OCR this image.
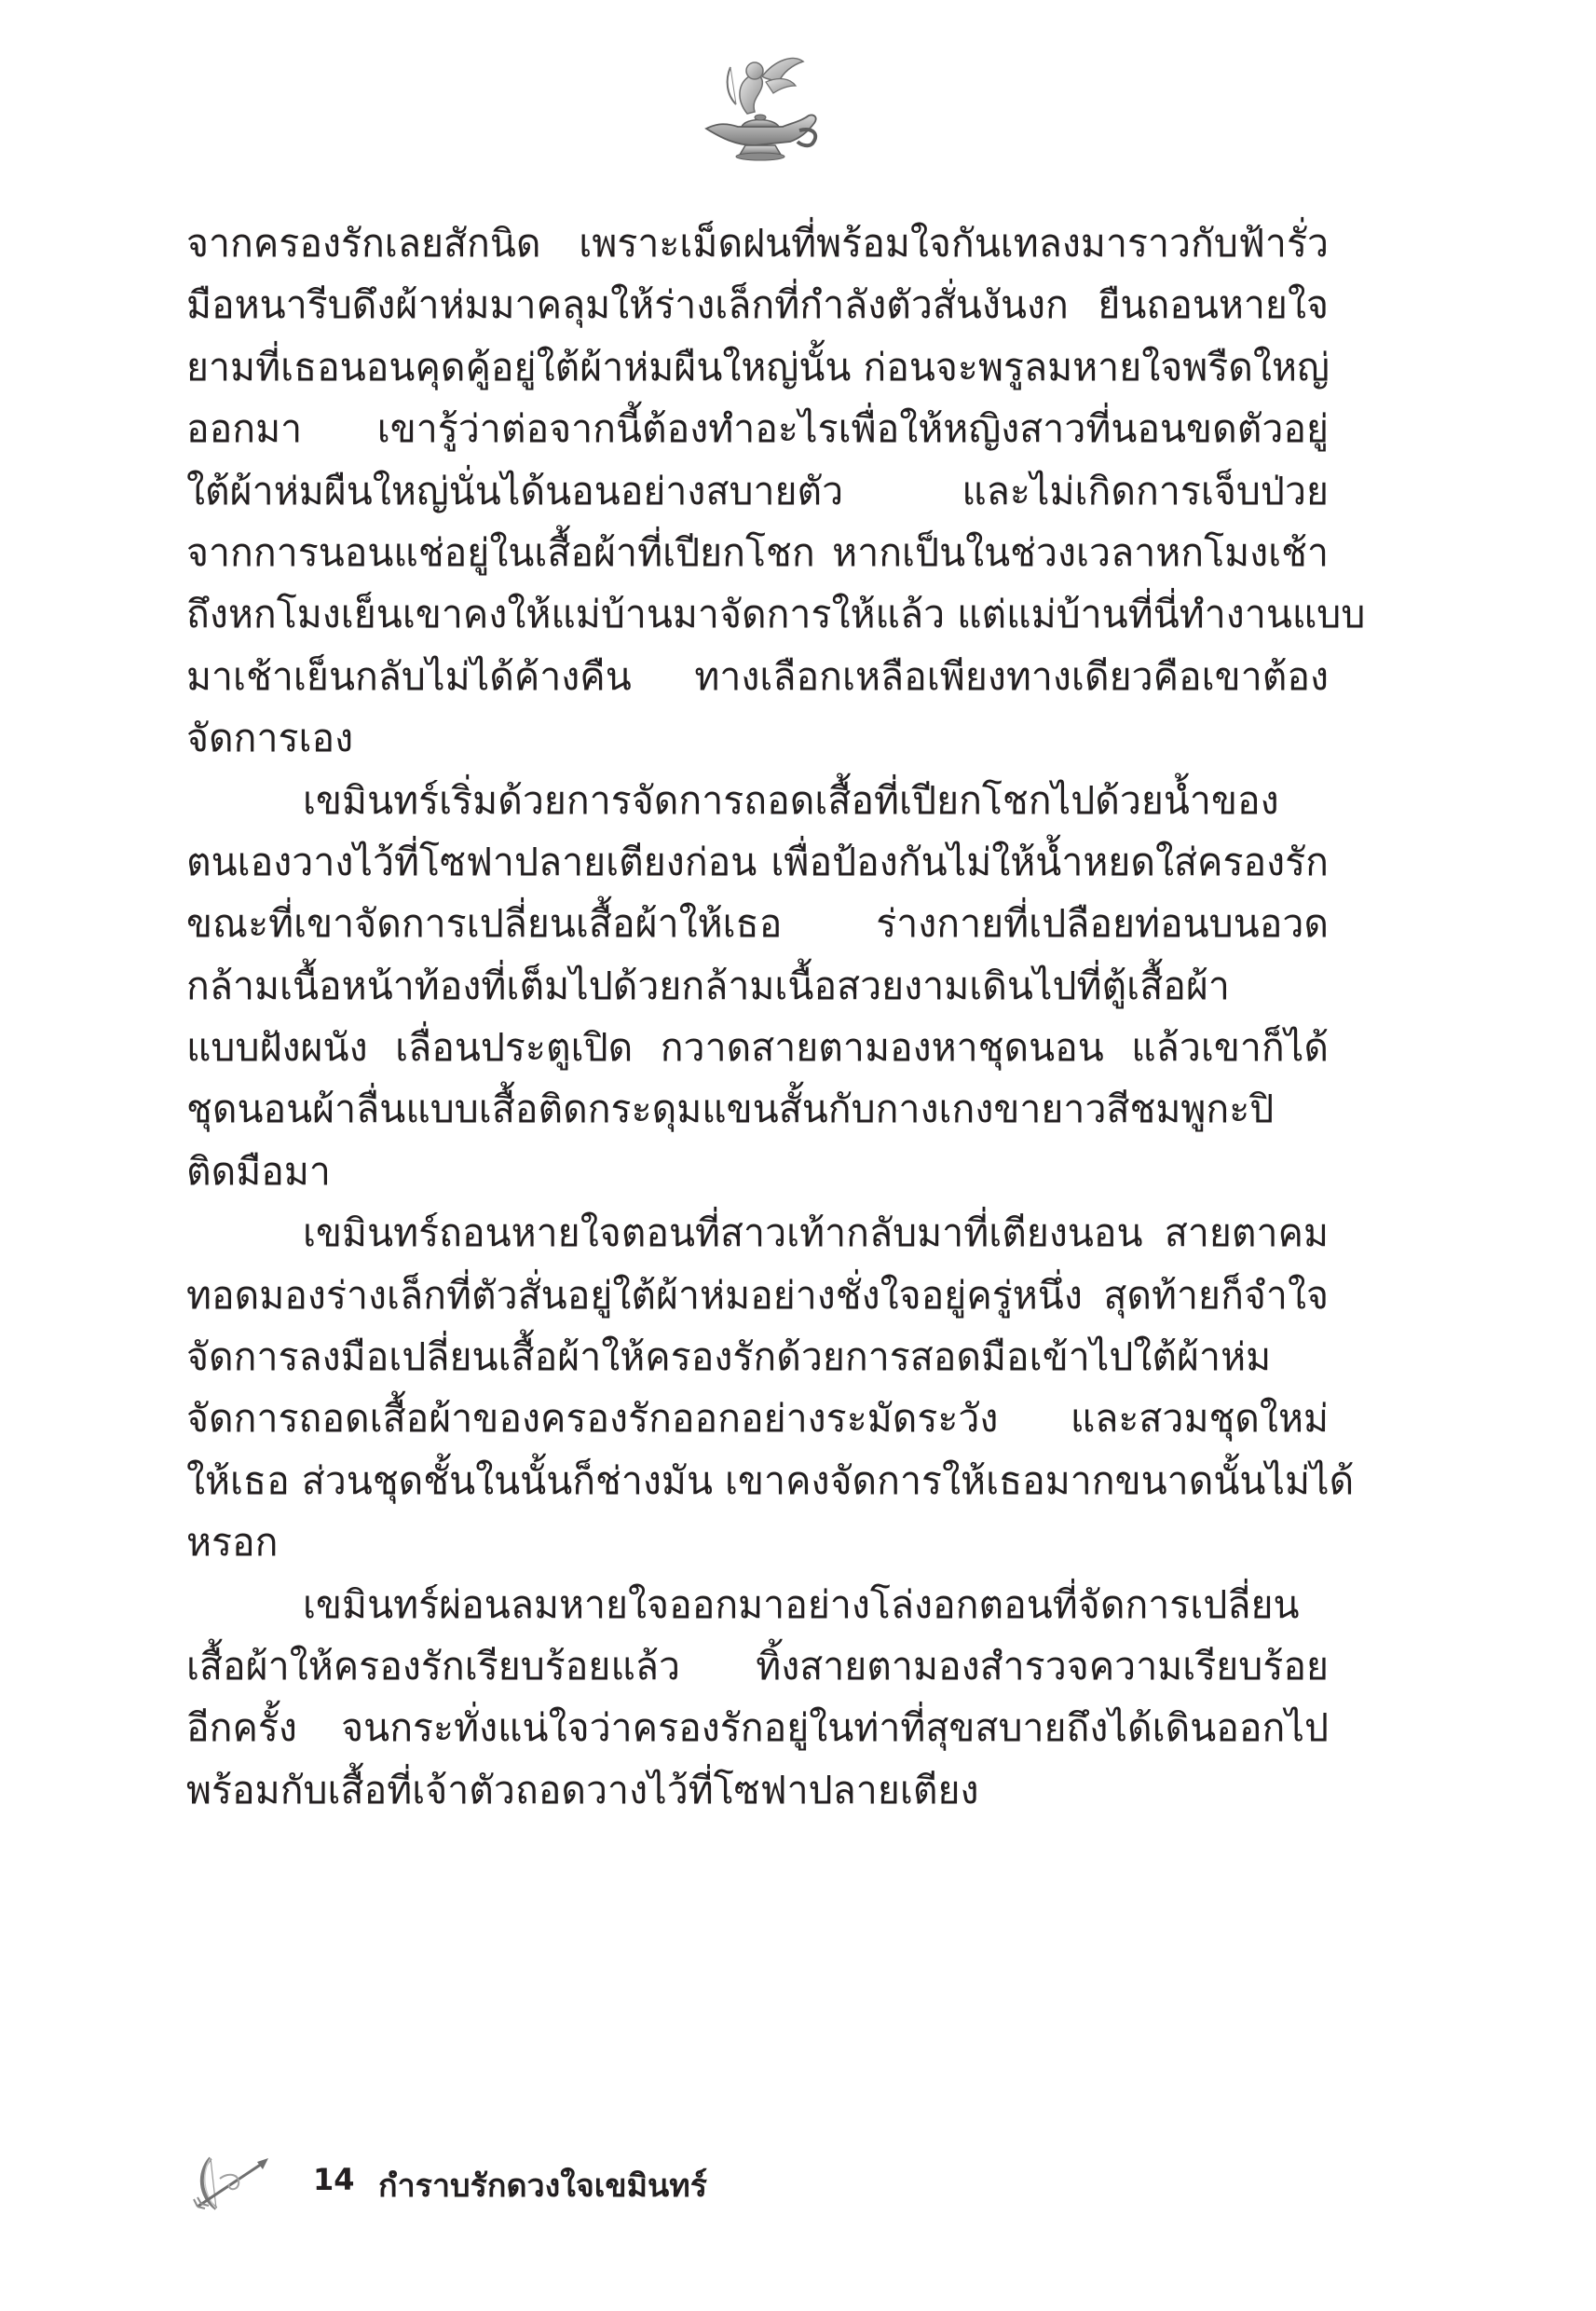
จากครองรักเลยสักนิด เพราะเม็ดฝนที่พร้อมใจกันเทลงมาราวกับฟ้ารั่ว
มือหนารีบดึงผ้าห่มมาคลุมให้ร่างเล็กที่กำลังตัวสั่นงันงก ยืนถอนหายใจ
ยามที่เธอนอนคุดคู้อยู่ใต้ผ้าห่มผืนใหญ่นั้น ก่อนจะพรูลมหายใจพรืดใหญ่
ออกมา เขารู้ว่าต่อจากนี้ต้องทำอะไรเพื่อให้หญิงสาวที่นอนขดตัวอยู่
ใต้ผ้าห่มผืนใหญ่นั่นได้นอนอย่างสบายตัว และไม่เกิดการเจ็บป่วย
จากการนอนแช่อยู่ในเสื้อผ้าที่เปียกโชก หากเป็นในช่วงเวลาหกโมงเช้า
ถึงหกโมงเย็นเขาคงให้แม่บ้านมาจัดการให้แล้ว แต่แม่บ้านที่นี่ทำงานแบบ
มาเช้าเย็นกลับไม่ได้ค้างคืน ทางเลือกเหลือเพียงทางเดียวคือเขาต้อง
จัดการเอง
เขมินทร์เริ่มด้วยการจัดการถอดเสื้อที่เปียกโชกไปด้วยน้ำของ
ตนเองวางไว้ที่โซฟาปลายเตียงก่อน เพื่อป้องกันไม่ให้น้ำหยดใส่ครองรัก
ขณะที่เขาจัดการเปลี่ยนเสื้อผ้าให้เธอ ร่างกายที่เปลือยท่อนบนอวด
กล้ามเนื้อหน้าท้องที่เต็มไปด้วยกล้ามเนื้อสวยงามเดินไปที่ตู้เสื้อผ้า
แบบฝังผนัง เลื่อนประตูเปิด กวาดสายตามองหาชุดนอน แล้วเขาก็ได้
ชุดนอนผ้าลื่นแบบเสื้อติดกระดุมแขนสั้นกับกางเกงขายาวสีชมพูกะปิ
ติดมือมา
เขมินทร์ถอนหายใจตอนที่สาวเท้ากลับมาที่เตียงนอน สายตาคม
ทอดมองร่างเล็กที่ตัวสั่นอยู่ใต้ผ้าห่มอย่างชั่งใจอยู่ครู่หนึ่ง สุดท้ายก็จำใจ
จัดการลงมือเปลี่ยนเสื้อผ้าให้ครองรักด้วยการสอดมือเข้าไปใต้ผ้าห่ม
จัดการถอดเสื้อผ้าของครองรักออกอย่างระมัดระวัง และสวมชุดใหม่
ให้เธอ ส่วนชุดชั้นในนั้นก็ช่างมัน เขาคงจัดการให้เธอมากขนาดนั้นไม่ได้
หรอก
เขมินทร์ผ่อนลมหายใจออกมาอย่างโล่งอกตอนที่จัดการเปลี่ยน
เสื้อผ้าให้ครองรักเรียบร้อยแล้ว ทิ้งสายตามองสำรวจความเรียบร้อย
อีกครั้ง จนกระทั่งแน่ใจว่าครองรักอยู่ในท่าที่สุขสบายถึงได้เดินออกไป
พร้อมกับเสื้อที่เจ้าตัวถอดวางไว้ที่โซฟาปลายเตียง
14 กำราบรักดวงใจเขมินทร์
